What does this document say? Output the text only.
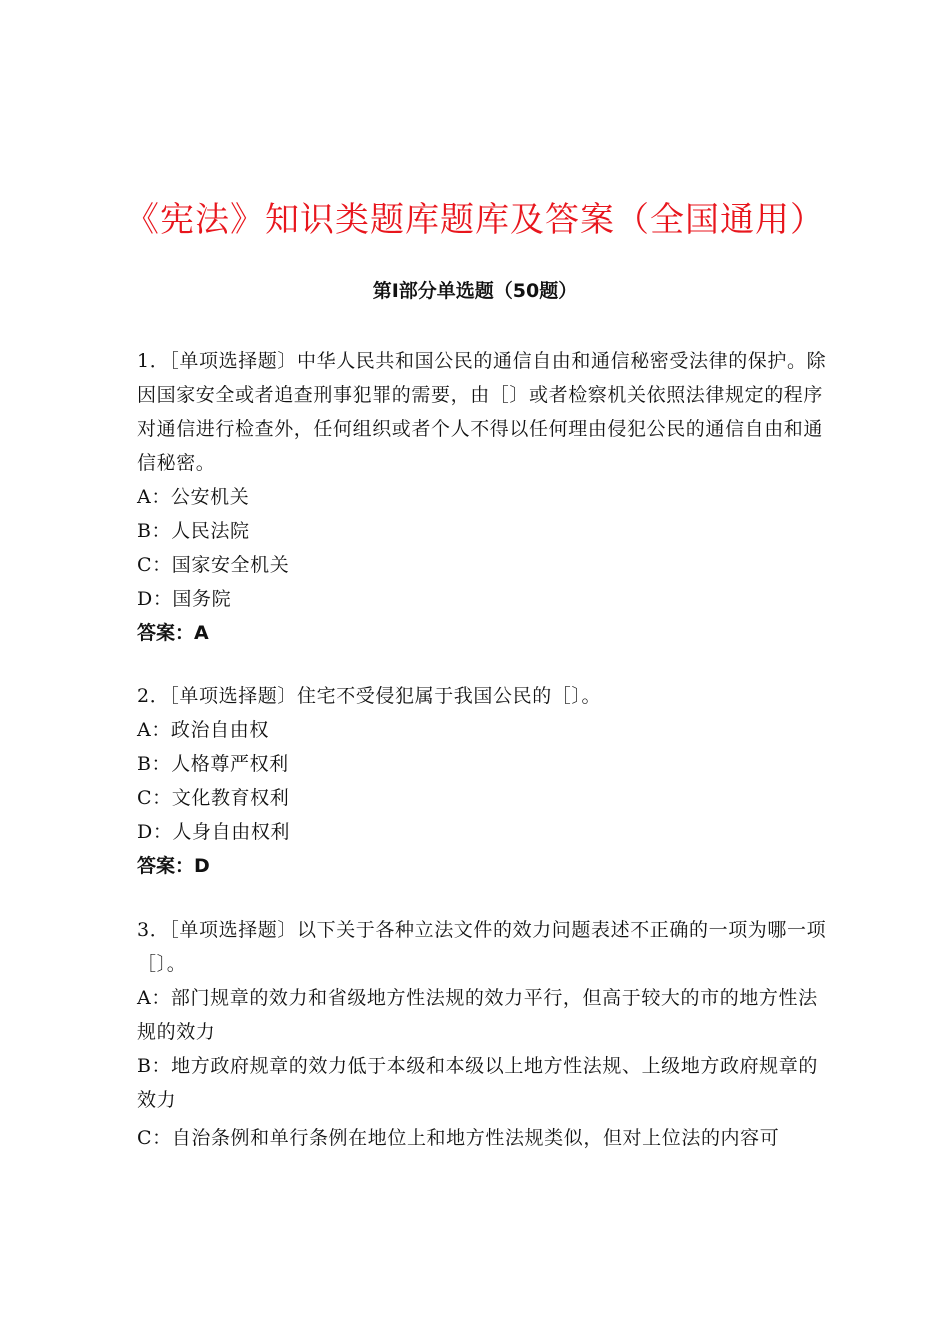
《宪法》知识类题库题库及答案（全国通用）
第Ⅰ部分单选题（50题）

1．［单项选择题〕中华人民共和国公民的通信自由和通信秘密受法律的保护。除因国家安全或者追查刑事犯罪的需要，由［〕或者检察机关依照法律规定的程序对通信进行检查外，任何组织或者个人不得以任何理由侵犯公民的通信自由和通信秘密。

A：公安机关

B：人民法院

C：国家安全机关

D：国务院

答案：A

2．［单项选择题〕住宅不受侵犯属于我国公民的［〕。

A：政治自由权

B：人格尊严权利

C：文化教育权利

D：人身自由权利

答案：D

3．［单项选择题〕以下关于各种立法文件的效力问题表述不正确的一项为哪一项［〕。

A：部门规章的效力和省级地方性法规的效力平行，但高于较大的市的地方性法规的效力

B：地方政府规章的效力低于本级和本级以上地方性法规、上级地方政府规章的效力

C：自治条例和单行条例在地位上和地方性法规类似，但对上位法的内容可
